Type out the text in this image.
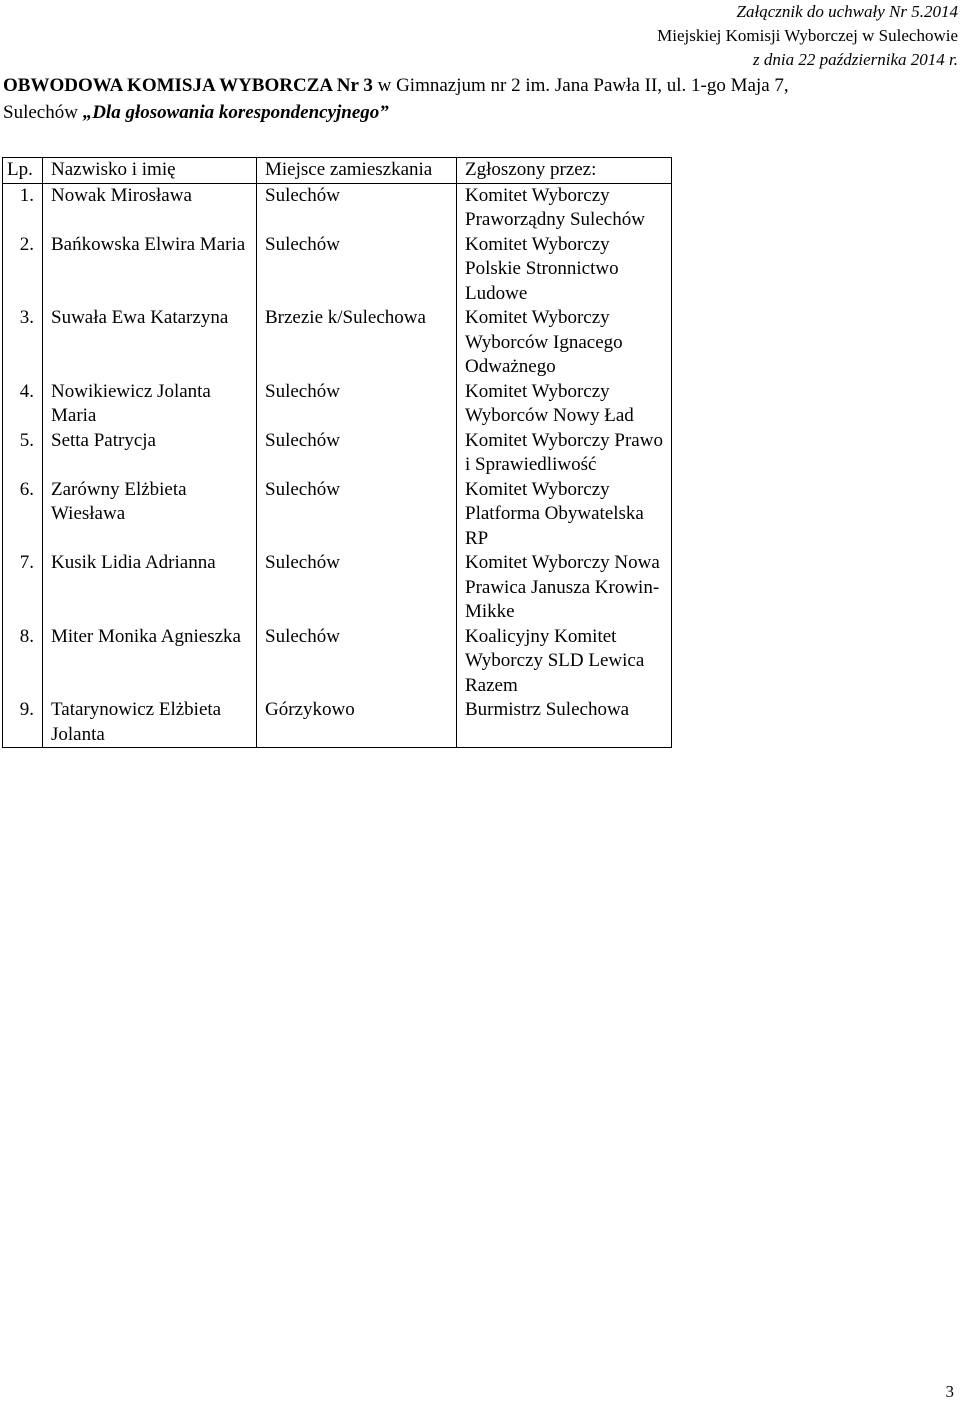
Załącznik do uchwały Nr 5.2014
Miejskiej Komisji Wyborczej w Sulechowie
z dnia 22 października 2014 r.
OBWODOWA KOMISJA WYBORCZA Nr 3 w Gimnazjum nr 2 im. Jana Pawła II, ul. 1-go Maja 7,
Sulechów „Dla głosowania korespondencyjnego”
Lp.	Nazwisko i imię	Miejsce zamieszkania	Zgłoszony przez:
1.	Nowak Mirosława	Sulechów	Komitet Wyborczy Praworządny Sulechów
2.	Bańkowska Elwira Maria	Sulechów	Komitet Wyborczy Polskie Stronnictwo Ludowe
3.	Suwała Ewa Katarzyna	Brzezie k/Sulechowa	Komitet Wyborczy Wyborców Ignacego Odważnego
4.	Nowikiewicz Jolanta Maria	Sulechów	Komitet Wyborczy Wyborców Nowy Ład
5.	Setta Patrycja	Sulechów	Komitet Wyborczy Prawo i Sprawiedliwość
6.	Zarówny Elżbieta Wiesława	Sulechów	Komitet Wyborczy Platforma Obywatelska RP
7.	Kusik Lidia Adrianna	Sulechów	Komitet Wyborczy Nowa Prawica Janusza Krowin-Mikke
8.	Miter Monika Agnieszka	Sulechów	Koalicyjny Komitet Wyborczy SLD Lewica Razem
9.	Tatarynowicz Elżbieta Jolanta	Górzykowo	Burmistrz Sulechowa
3
